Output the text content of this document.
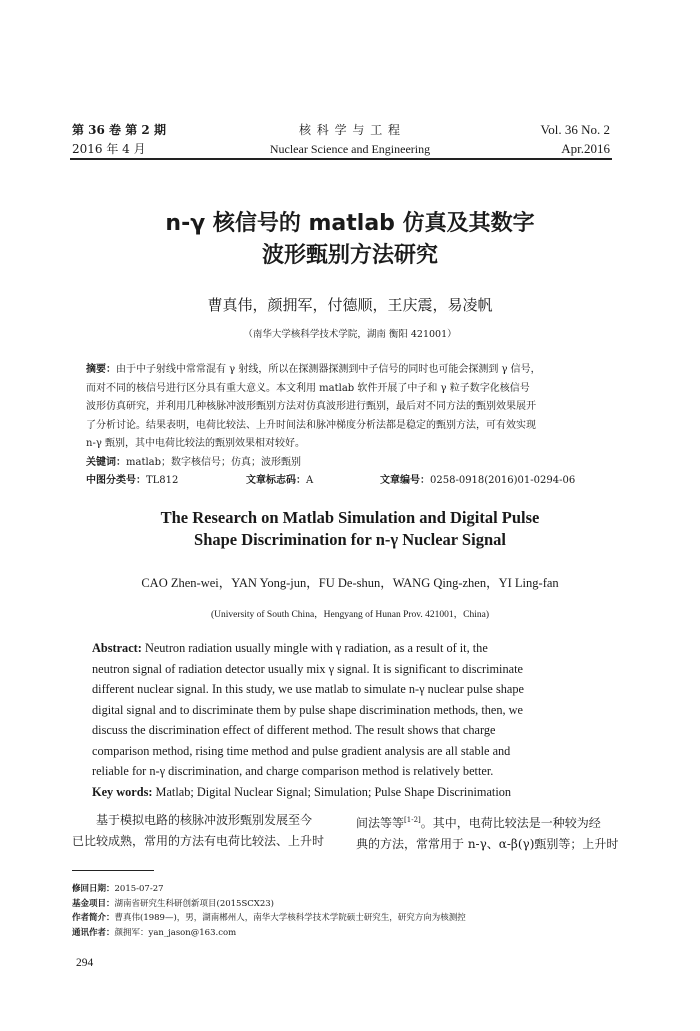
第 36 卷 第 2 期
2016 年 4 月
核 科 学 与 工 程
Nuclear Science and Engineering
Vol. 36 No. 2
Apr.2016
n-γ 核信号的 matlab 仿真及其数字
波形甄别方法研究
曹真伟，颜拥军，付德顺，王庆震，易凌帆
（南华大学核科学技术学院，湖南 衡阳 421001）
摘要：由于中子射线中常常混有 γ 射线，所以在探测器探测到中子信号的同时也可能会探测到 γ 信号，
而对不同的核信号进行区分具有重大意义。本文利用 matlab 软件开展了中子和 γ 粒子数字化核信号
波形仿真研究，并利用几种核脉冲波形甄别方法对仿真波形进行甄别，最后对不同方法的甄别效果展开
了分析讨论。结果表明，电荷比较法、上升时间法和脉冲梯度分析法都是稳定的甄别方法，可有效实现
n-γ 甄别，其中电荷比较法的甄别效果相对较好。
关键词：matlab；数字核信号；仿真；波形甄别
中图分类号：TL812	文章标志码：A	文章编号：0258-0918(2016)01-0294-06
The Research on Matlab Simulation and Digital Pulse
Shape Discrimination for n-γ Nuclear Signal
CAO Zhen-wei，YAN Yong-jun，FU De-shun，WANG Qing-zhen，YI Ling-fan
(University of South China，Hengyang of Hunan Prov. 421001，China)
Abstract: Neutron radiation usually mingle with γ radiation, as a result of it, the
neutron signal of radiation detector usually mix γ signal. It is significant to discriminate
different nuclear signal. In this study, we use matlab to simulate n-γ nuclear pulse shape
digital signal and to discriminate them by pulse shape discrimination methods, then, we
discuss the discrimination effect of different method. The result shows that charge
comparison method, rising time method and pulse gradient analysis are all stable and
reliable for n-γ discrimination, and charge comparison method is relatively better.
Key words: Matlab; Digital Nuclear Signal; Simulation; Pulse Shape Discrinimation
基于模拟电路的核脉冲波形甄别发展至今
已比较成熟，常用的方法有电荷比较法、上升时
间法等等[1-2]。其中，电荷比较法是一种较为经
典的方法，常常用于 n-γ、α-β(γ)甄别等；上升时
修回日期：2015-07-27
基金项目：湖南省研究生科研创新项目(2015SCX23)
作者简介：曹真伟(1989—)，男，湖南郴州人，南华大学核科学技术学院硕士研究生，研究方向为核测控
通讯作者：颜拥军：yan_jason@163.com
294
